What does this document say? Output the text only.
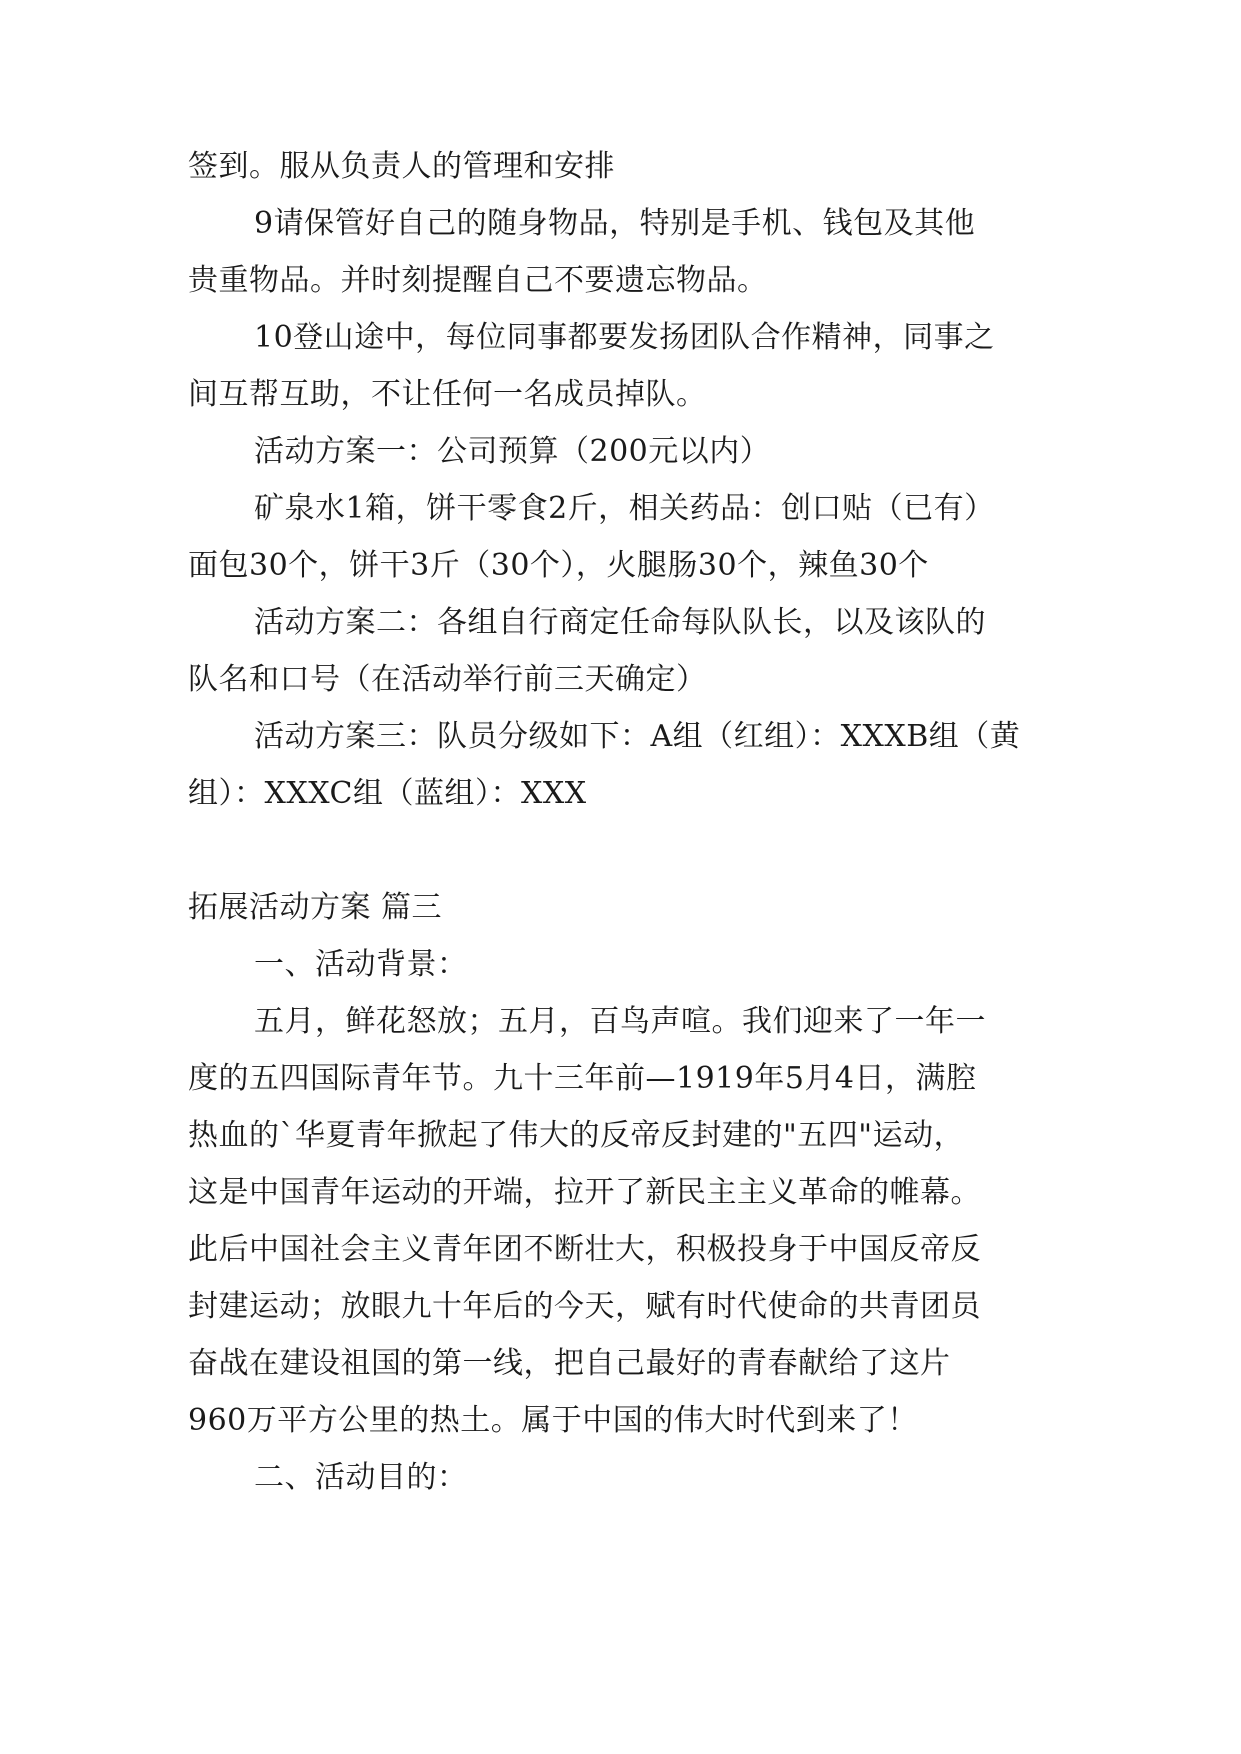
签到。服从负责人的管理和安排
9请保管好自己的随身物品，特别是手机、钱包及其他
贵重物品。并时刻提醒自己不要遗忘物品。
10登山途中，每位同事都要发扬团队合作精神，同事之
间互帮互助，不让任何一名成员掉队。
活动方案一：公司预算（200元以内）
矿泉水1箱，饼干零食2斤，相关药品：创口贴（已有）
面包30个，饼干3斤（30个），火腿肠30个，辣鱼30个
活动方案二：各组自行商定任命每队队长，以及该队的
队名和口号（在活动举行前三天确定）
活动方案三：队员分级如下：A组（红组）：XXXB组（黄
组）：XXXC组（蓝组）：XXX
拓展活动方案 篇三
一、活动背景：
五月，鲜花怒放；五月，百鸟声喧。我们迎来了一年一
度的五四国际青年节。九十三年前—1919年5月4日，满腔
热血的`华夏青年掀起了伟大的反帝反封建的"五四"运动，
这是中国青年运动的开端，拉开了新民主主义革命的帷幕。
此后中国社会主义青年团不断壮大，积极投身于中国反帝反
封建运动；放眼九十年后的今天，赋有时代使命的共青团员
奋战在建设祖国的第一线，把自己最好的青春献给了这片
960万平方公里的热土。属于中国的伟大时代到来了！
二、活动目的：
